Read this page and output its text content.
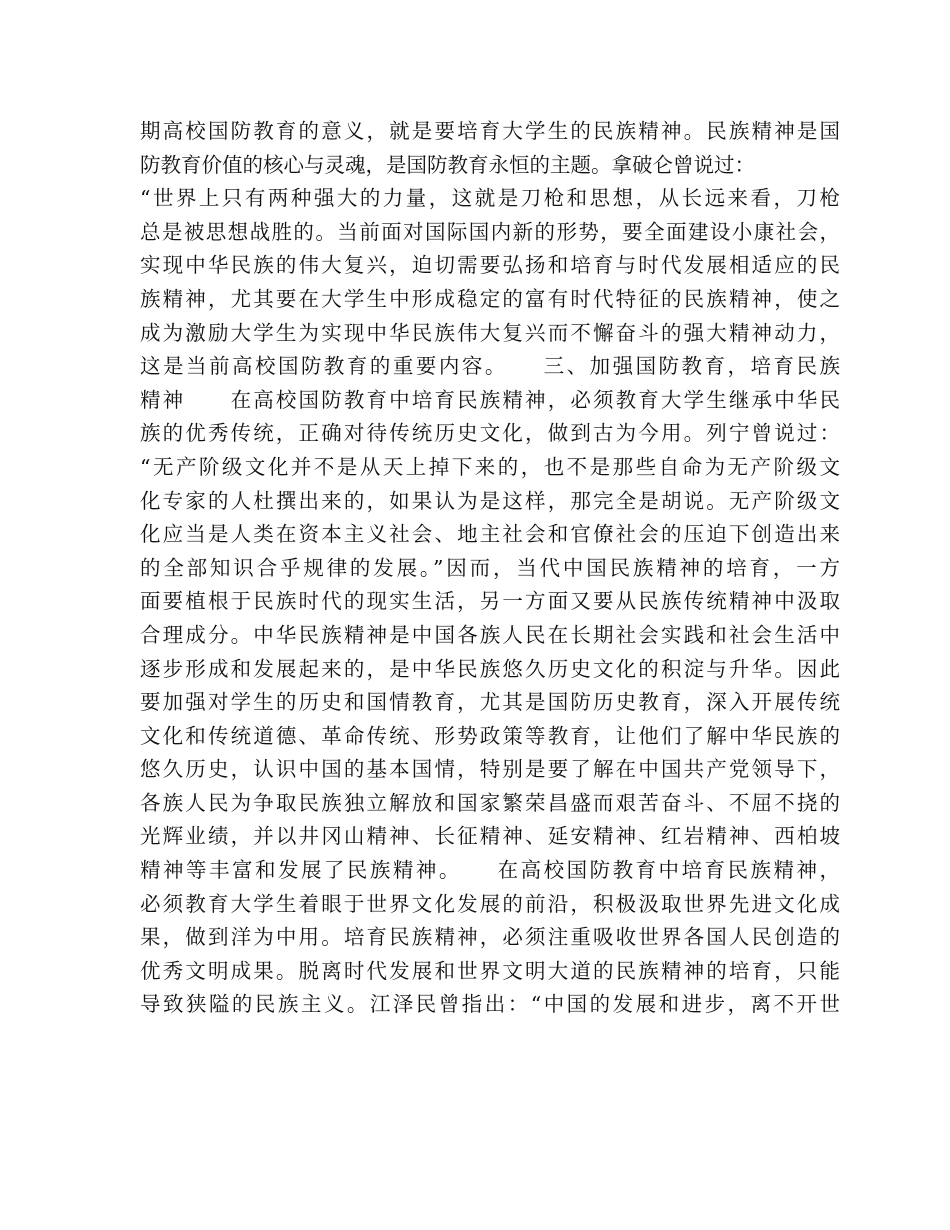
期高校国防教育的意义，就是要培育大学生的民族精神。民族精神是国
防教育价值的核心与灵魂，是国防教育永恒的主题。拿破仑曾说过：
“世界上只有两种强大的力量，这就是刀枪和思想，从长远来看，刀枪
总是被思想战胜的。当前面对国际国内新的形势，要全面建设小康社会，
实现中华民族的伟大复兴，迫切需要弘扬和培育与时代发展相适应的民
族精神，尤其要在大学生中形成稳定的富有时代特征的民族精神，使之
成为激励大学生为实现中华民族伟大复兴而不懈奋斗的强大精神动力，
这是当前高校国防教育的重要内容。　　三、加强国防教育，培育民族
精神　　在高校国防教育中培育民族精神，必须教育大学生继承中华民
族的优秀传统，正确对待传统历史文化，做到古为今用。列宁曾说过：
“无产阶级文化并不是从天上掉下来的，也不是那些自命为无产阶级文
化专家的人杜撰出来的，如果认为是这样，那完全是胡说。无产阶级文
化应当是人类在资本主义社会、地主社会和官僚社会的压迫下创造出来
的全部知识合乎规律的发展。”因而，当代中国民族精神的培育，一方
面要植根于民族时代的现实生活，另一方面又要从民族传统精神中汲取
合理成分。中华民族精神是中国各族人民在长期社会实践和社会生活中
逐步形成和发展起来的，是中华民族悠久历史文化的积淀与升华。因此
要加强对学生的历史和国情教育，尤其是国防历史教育，深入开展传统
文化和传统道德、革命传统、形势政策等教育，让他们了解中华民族的
悠久历史，认识中国的基本国情，特别是要了解在中国共产党领导下，
各族人民为争取民族独立解放和国家繁荣昌盛而艰苦奋斗、不屈不挠的
光辉业绩，并以井冈山精神、长征精神、延安精神、红岩精神、西柏坡
精神等丰富和发展了民族精神。　　在高校国防教育中培育民族精神，
必须教育大学生着眼于世界文化发展的前沿，积极汲取世界先进文化成
果，做到洋为中用。培育民族精神，必须注重吸收世界各国人民创造的
优秀文明成果。脱离时代发展和世界文明大道的民族精神的培育，只能
导致狭隘的民族主义。江泽民曾指出：“中国的发展和进步，离不开世
